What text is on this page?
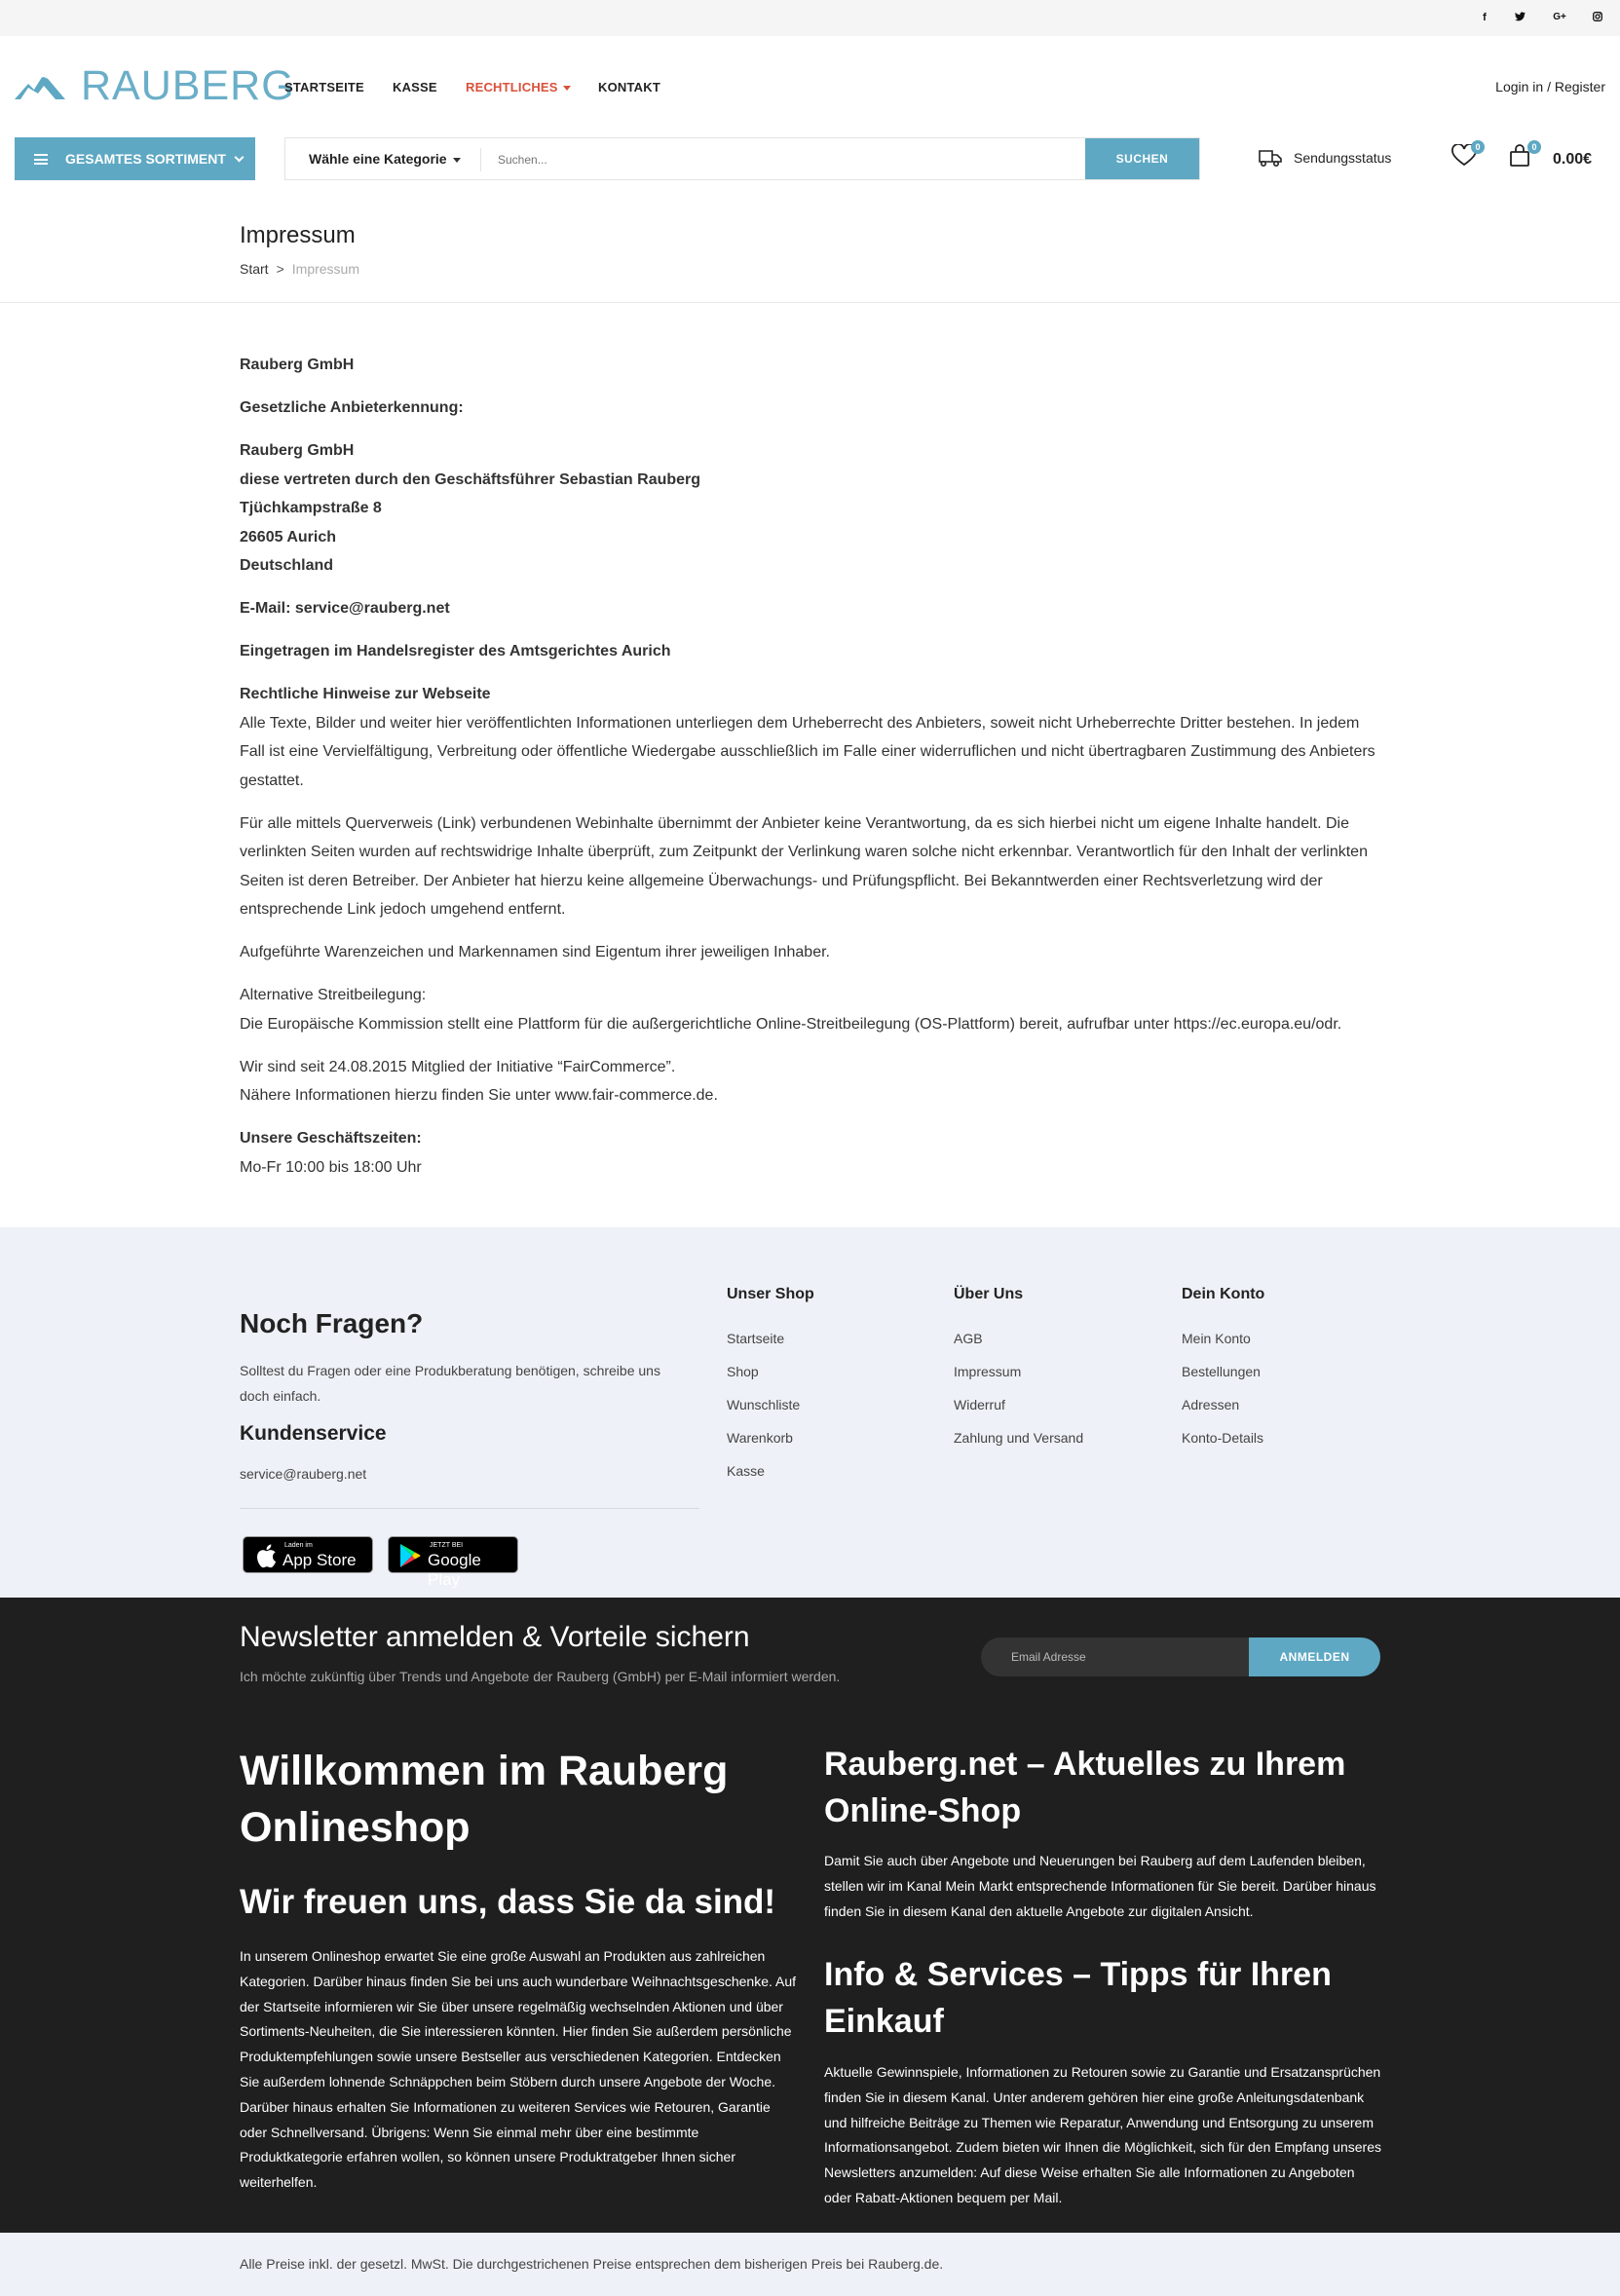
f	G+
RAUBERG
STARTSEITE KASSE RECHTLICHES	KONTAKT	Login in / Register
GESAMTES SORTIMENT	Wähle eine Kategorie
Suchen...	SUCHEN	Sendungsstatus
0	0
0.00€
Impressum
Start > Impressum

Rauberg GmbH

Gesetzliche Anbieterkennung:

Rauberg GmbH
diese vertreten durch den Geschäftsführer Sebastian Rauberg
Tjüchkampstraße 8
26605 Aurich
Deutschland

E-Mail: service@rauberg.net

Eingetragen im Handelsregister des Amtsgerichtes Aurich

Rechtliche Hinweise zur Webseite
Alle Texte, Bilder und weiter hier veröffentlichten Informationen unterliegen dem Urheberrecht des Anbieters, soweit nicht Urheberrechte Dritter bestehen. In jedem Fall ist eine Vervielfältigung, Verbreitung oder öffentliche Wiedergabe ausschließlich im Falle einer widerruflichen und nicht übertragbaren Zustimmung des Anbieters gestattet.

Für alle mittels Querverweis (Link) verbundenen Webinhalte übernimmt der Anbieter keine Verantwortung, da es sich hierbei nicht um eigene Inhalte handelt. Die verlinkten Seiten wurden auf rechtswidrige Inhalte überprüft, zum Zeitpunkt der Verlinkung waren solche nicht erkennbar. Verantwortlich für den Inhalt der verlinkten Seiten ist deren Betreiber. Der Anbieter hat hierzu keine allgemeine Überwachungs- und Prüfungspflicht. Bei Bekanntwerden einer Rechtsverletzung wird der entsprechende Link jedoch umgehend entfernt.

Aufgeführte Warenzeichen und Markennamen sind Eigentum ihrer jeweiligen Inhaber.

Alternative Streitbeilegung:
Die Europäische Kommission stellt eine Plattform für die außergerichtliche Online-Streitbeilegung (OS-Plattform) bereit, aufrufbar unter https://ec.europa.eu/odr.

Wir sind seit 24.08.2015 Mitglied der Initiative “FairCommerce”.
Nähere Informationen hierzu finden Sie unter www.fair-commerce.de.

Unsere Geschäftszeiten:
Mo-Fr 10:00 bis 18:00 Uhr

Noch Fragen?

Solltest du Fragen oder eine Produkberatung benötigen, schreibe uns doch einfach.

Kundenservice
service@rauberg.net
Laden im
App Store
JETZT BEI
Google Play
Unser Shop
Startseite
Shop
Wunschliste
Warenkorb
Kasse
Über Uns
AGB
Impressum
Widerruf
Zahlung und Versand
Dein Konto
Mein Konto
Bestellungen
Adressen
Konto-Details
Newsletter anmelden & Vorteile sichern

Ich möchte zukünftig über Trends und Angebote der Rauberg (GmbH) per E-Mail informiert werden.

Email Adresse	ANMELDEN
Willkommen im Rauberg Onlineshop
Wir freuen uns, dass Sie da sind!

In unserem Onlineshop erwartet Sie eine große Auswahl an Produkten aus zahlreichen Kategorien. Darüber hinaus finden Sie bei uns auch wunderbare Weihnachtsgeschenke. Auf der Startseite informieren wir Sie über unsere regelmäßig wechselnden Aktionen und über Sortiments-Neuheiten, die Sie interessieren könnten. Hier finden Sie außerdem persönliche Produktempfehlungen sowie unsere Bestseller aus verschiedenen Kategorien. Entdecken Sie außerdem lohnende Schnäppchen beim Stöbern durch unsere Angebote der Woche. Darüber hinaus erhalten Sie Informationen zu weiteren Services wie Retouren, Garantie oder Schnellversand. Übrigens: Wenn Sie einmal mehr über eine bestimmte Produktkategorie erfahren wollen, so können unsere Produktratgeber Ihnen sicher weiterhelfen.

Rauberg.net – Aktuelles zu Ihrem Online-Shop

Damit Sie auch über Angebote und Neuerungen bei Rauberg auf dem Laufenden bleiben, stellen wir im Kanal Mein Markt entsprechende Informationen für Sie bereit. Darüber hinaus finden Sie in diesem Kanal den aktuelle Angebote zur digitalen Ansicht.

Info & Services – Tipps für Ihren Einkauf

Aktuelle Gewinnspiele, Informationen zu Retouren sowie zu Garantie und Ersatzansprüchen finden Sie in diesem Kanal. Unter anderem gehören hier eine große Anleitungsdatenbank und hilfreiche Beiträge zu Themen wie Reparatur, Anwendung und Entsorgung zu unserem Informationsangebot. Zudem bieten wir Ihnen die Möglichkeit, sich für den Empfang unseres Newsletters anzumelden: Auf diese Weise erhalten Sie alle Informationen zu Angeboten oder Rabatt-Aktionen bequem per Mail.

Alle Preise inkl. der gesetzl. MwSt. Die durchgestrichenen Preise entsprechen dem bisherigen Preis bei Rauberg.de.
